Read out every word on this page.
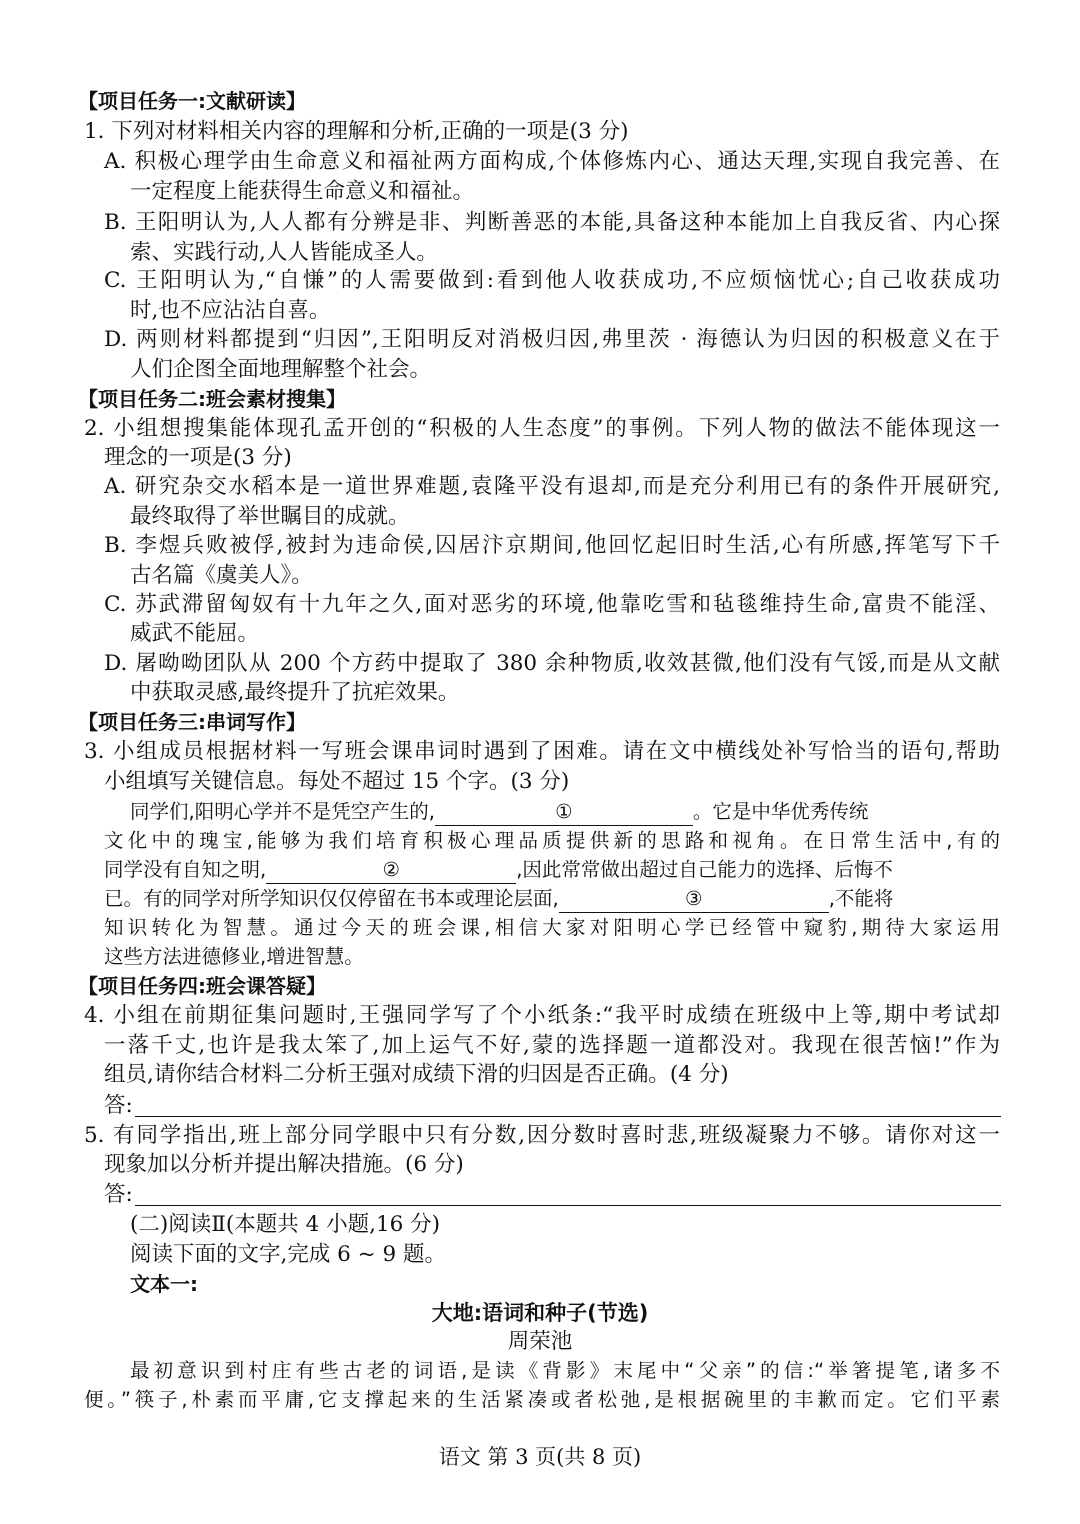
【项目任务一:文献研读】
1. 下列对材料相关内容的理解和分析,正确的一项是(3 分)
A. 积极心理学由生命意义和福祉两方面构成,个体修炼内心、通达天理,实现自我完善、在
一定程度上能获得生命意义和福祉。
B. 王阳明认为,人人都有分辨是非、判断善恶的本能,具备这种本能加上自我反省、内心探
索、实践行动,人人皆能成圣人。
C. 王阳明认为,“自慊”的人需要做到:看到他人收获成功,不应烦恼忧心;自己收获成功
时,也不应沾沾自喜。
D. 两则材料都提到“归因”,王阳明反对消极归因,弗里茨 · 海德认为归因的积极意义在于
人们企图全面地理解整个社会。
【项目任务二:班会素材搜集】
2. 小组想搜集能体现孔孟开创的“积极的人生态度”的事例。下列人物的做法不能体现这一
理念的一项是(3 分)
A. 研究杂交水稻本是一道世界难题,袁隆平没有退却,而是充分利用已有的条件开展研究,
最终取得了举世瞩目的成就。
B. 李煜兵败被俘,被封为违命侯,囚居汴京期间,他回忆起旧时生活,心有所感,挥笔写下千
古名篇《虞美人》。
C. 苏武滞留匈奴有十九年之久,面对恶劣的环境,他靠吃雪和毡毯维持生命,富贵不能淫、
威武不能屈。
D. 屠呦呦团队从 200 个方药中提取了 380 余种物质,收效甚微,他们没有气馁,而是从文献
中获取灵感,最终提升了抗疟效果。
【项目任务三:串词写作】
3. 小组成员根据材料一写班会课串词时遇到了困难。请在文中横线处补写恰当的语句,帮助
小组填写关键信息。每处不超过 15 个字。(3 分)
同学们,阳明心学并不是凭空产生的,	①	。它是中华优秀传统
文化中的瑰宝,能够为我们培育积极心理品质提供新的思路和视角。在日常生活中,有的
同学没有自知之明,	②	,因此常常做出超过自己能力的选择、后悔不
已。有的同学对所学知识仅仅停留在书本或理论层面,	③	,不能将
知识转化为智慧。通过今天的班会课,相信大家对阳明心学已经管中窥豹,期待大家运用
这些方法进德修业,增进智慧。
【项目任务四:班会课答疑】
4. 小组在前期征集问题时,王强同学写了个小纸条:“我平时成绩在班级中上等,期中考试却
一落千丈,也许是我太笨了,加上运气不好,蒙的选择题一道都没对。我现在很苦恼!”作为
组员,请你结合材料二分析王强对成绩下滑的归因是否正确。(4 分)
答:
5. 有同学指出,班上部分同学眼中只有分数,因分数时喜时悲,班级凝聚力不够。请你对这一
现象加以分析并提出解决措施。(6 分)
答:
(二)阅读Ⅱ(本题共 4 小题,16 分)
阅读下面的文字,完成 6 ~ 9 题。
文本一:
大地:语词和种子(节选)
周荣池
最初意识到村庄有些古老的词语,是读《背影》末尾中“父亲”的信:“举箸提笔,诸多不
便。”筷子,朴素而平庸,它支撑起来的生活紧凑或者松弛,是根据碗里的丰歉而定。它们平素
语文 第 3 页(共 8 页)
